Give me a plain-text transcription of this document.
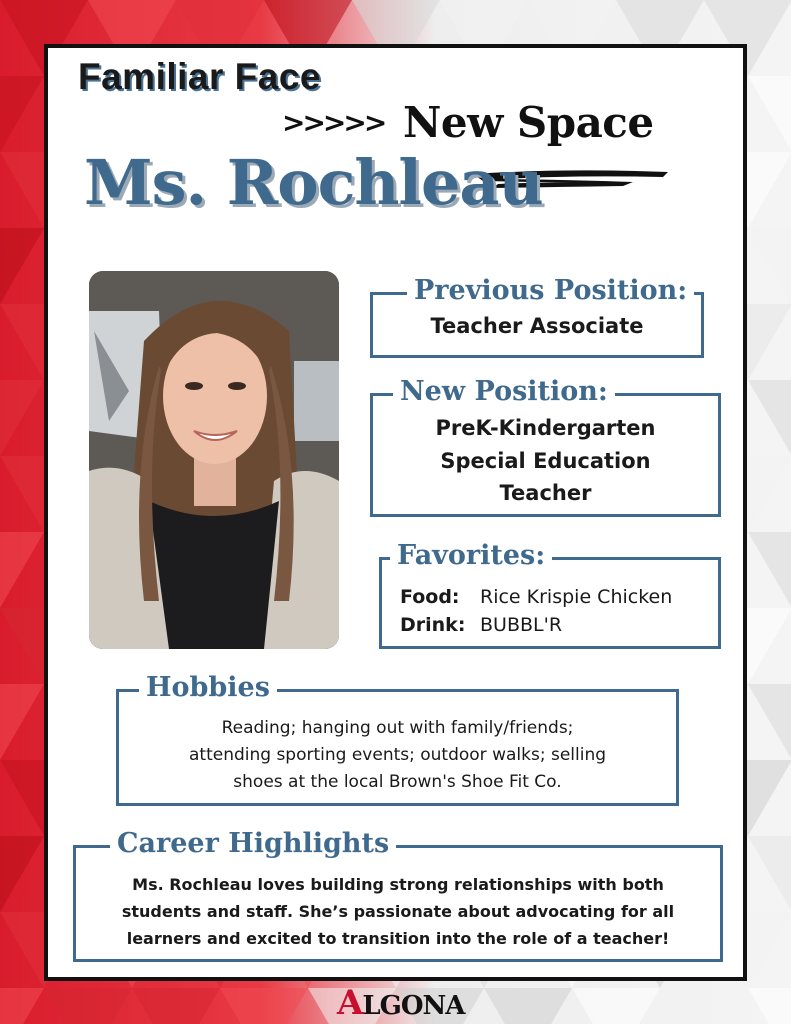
Familiar Face
>>>>> New Space
Ms. Rochleau
Previous Position:
Teacher Associate
New Position:
PreK-Kindergarten
Special Education
Teacher
Favorites:
Food: Rice Krispie Chicken
Drink: BUBBL'R
Hobbies
Reading; hanging out with family/friends;
attending sporting events; outdoor walks; selling
shoes at the local Brown's Shoe Fit Co.
Career Highlights
Ms. Rochleau loves building strong relationships with both
students and staff. She’s passionate about advocating for all
learners and excited to transition into the role of a teacher!
ALGONA
